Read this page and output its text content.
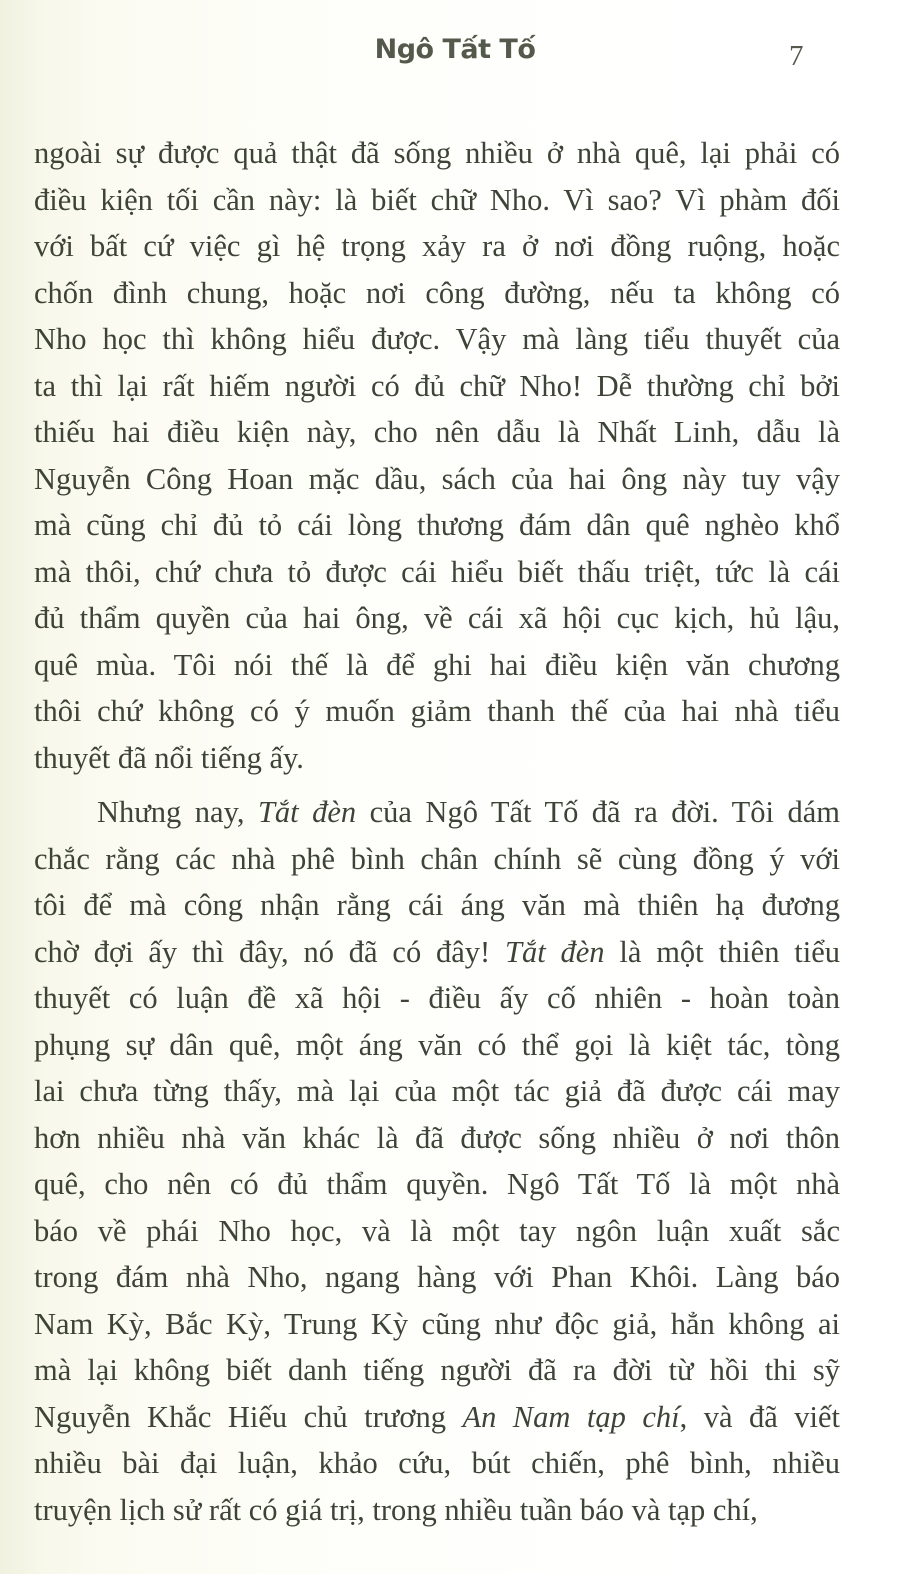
Ngô Tất Tố	7
ngoài sự được quả thật đã sống nhiều ở nhà quê, lại phải có
điều kiện tối cần này: là biết chữ Nho. Vì sao? Vì phàm đối
với bất cứ việc gì hệ trọng xảy ra ở nơi đồng ruộng, hoặc
chốn đình chung, hoặc nơi công đường, nếu ta không có
Nho học thì không hiểu được. Vậy mà làng tiểu thuyết của
ta thì lại rất hiếm người có đủ chữ Nho! Dễ thường chỉ bởi
thiếu hai điều kiện này, cho nên dẫu là Nhất Linh, dẫu là
Nguyễn Công Hoan mặc dầu, sách của hai ông này tuy vậy
mà cũng chỉ đủ tỏ cái lòng thương đám dân quê nghèo khổ
mà thôi, chứ chưa tỏ được cái hiểu biết thấu triệt, tức là cái
đủ thẩm quyền của hai ông, về cái xã hội cục kịch, hủ lậu,
quê mùa. Tôi nói thế là để ghi hai điều kiện văn chương
thôi chứ không có ý muốn giảm thanh thế của hai nhà tiểu
thuyết đã nổi tiếng ấy.
Nhưng nay, Tắt đèn của Ngô Tất Tố đã ra đời. Tôi dám
chắc rằng các nhà phê bình chân chính sẽ cùng đồng ý với
tôi để mà công nhận rằng cái áng văn mà thiên hạ đương
chờ đợi ấy thì đây, nó đã có đây! Tắt đèn là một thiên tiểu
thuyết có luận đề xã hội - điều ấy cố nhiên - hoàn toàn
phụng sự dân quê, một áng văn có thể gọi là kiệt tác, tòng
lai chưa từng thấy, mà lại của một tác giả đã được cái may
hơn nhiều nhà văn khác là đã được sống nhiều ở nơi thôn
quê, cho nên có đủ thẩm quyền. Ngô Tất Tố là một nhà
báo về phái Nho học, và là một tay ngôn luận xuất sắc
trong đám nhà Nho, ngang hàng với Phan Khôi. Làng báo
Nam Kỳ, Bắc Kỳ, Trung Kỳ cũng như độc giả, hẳn không ai
mà lại không biết danh tiếng người đã ra đời từ hồi thi sỹ
Nguyễn Khắc Hiếu chủ trương An Nam tạp chí, và đã viết
nhiều bài đại luận, khảo cứu, bút chiến, phê bình, nhiều
truyện lịch sử rất có giá trị, trong nhiều tuần báo và tạp chí,
